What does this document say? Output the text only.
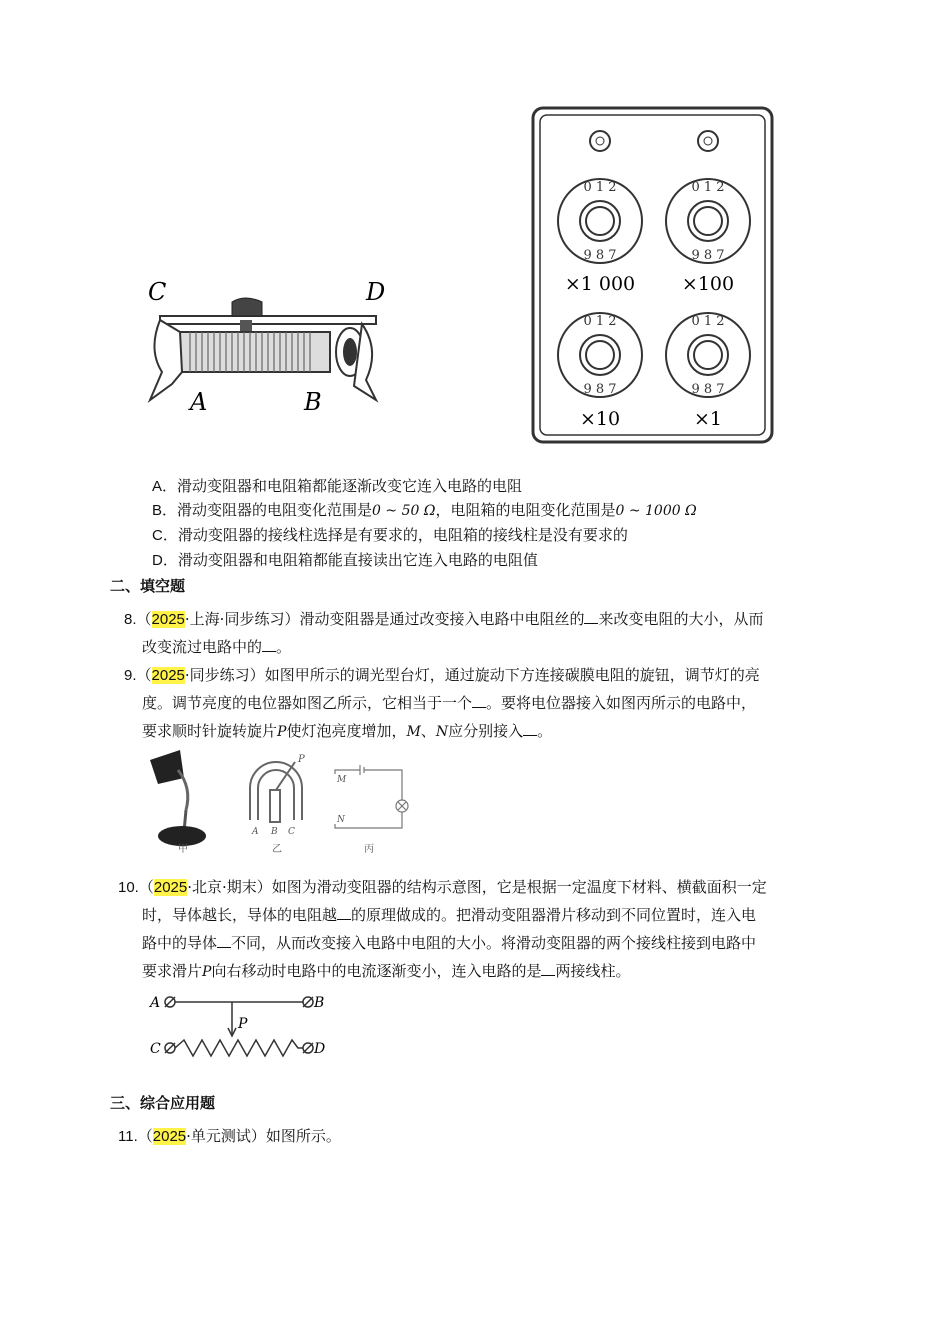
C	D
A	B
0 1 2	0 1 2
0 1 2	0 1 2
9 8 7	9 8 7
9 8 7	9 8 7
×1 000 ×100
×10	×1
A．滑动变阻器和电阻箱都能逐渐改变它连入电路的电阻
B．滑动变阻器的电阻变化范围是0 ~ 50 Ω，电阻箱的电阻变化范围是0 ~ 1000 Ω
C．滑动变阻器的接线柱选择是有要求的，电阻箱的接线柱是没有要求的
D．滑动变阻器和电阻箱都能直接读出它连入电路的电阻值
二、填空题
8.（2025·上海·同步练习）滑动变阻器是通过改变接入电路中电阻丝的 来改变电阻的大小，从而
改变流过电路中的 。
9.（2025·同步练习）如图甲所示的调光型台灯，通过旋动下方连接碳膜电阻的旋钮，调节灯的亮
度。调节亮度的电位器如图乙所示，它相当于一个 。要将电位器接入如图丙所示的电路中，
要求顺时针旋转旋片P使灯泡亮度增加，M、N应分别接入 。
甲
P
A B C
乙
M
N
丙
10.（2025·北京·期末）如图为滑动变阻器的结构示意图，它是根据一定温度下材料、横截面积一定
时，导体越长，导体的电阻越 的原理做成的。把滑动变阻器滑片移动到不同位置时，连入电
路中的导体 不同，从而改变接入电路中电阻的大小。将滑动变阻器的两个接线柱接到电路中
要求滑片P向右移动时电路中的电流逐渐变小，连入电路的是 两接线柱。
A	B
C	D
P
三、综合应用题
11.（2025·单元测试）如图所示。
